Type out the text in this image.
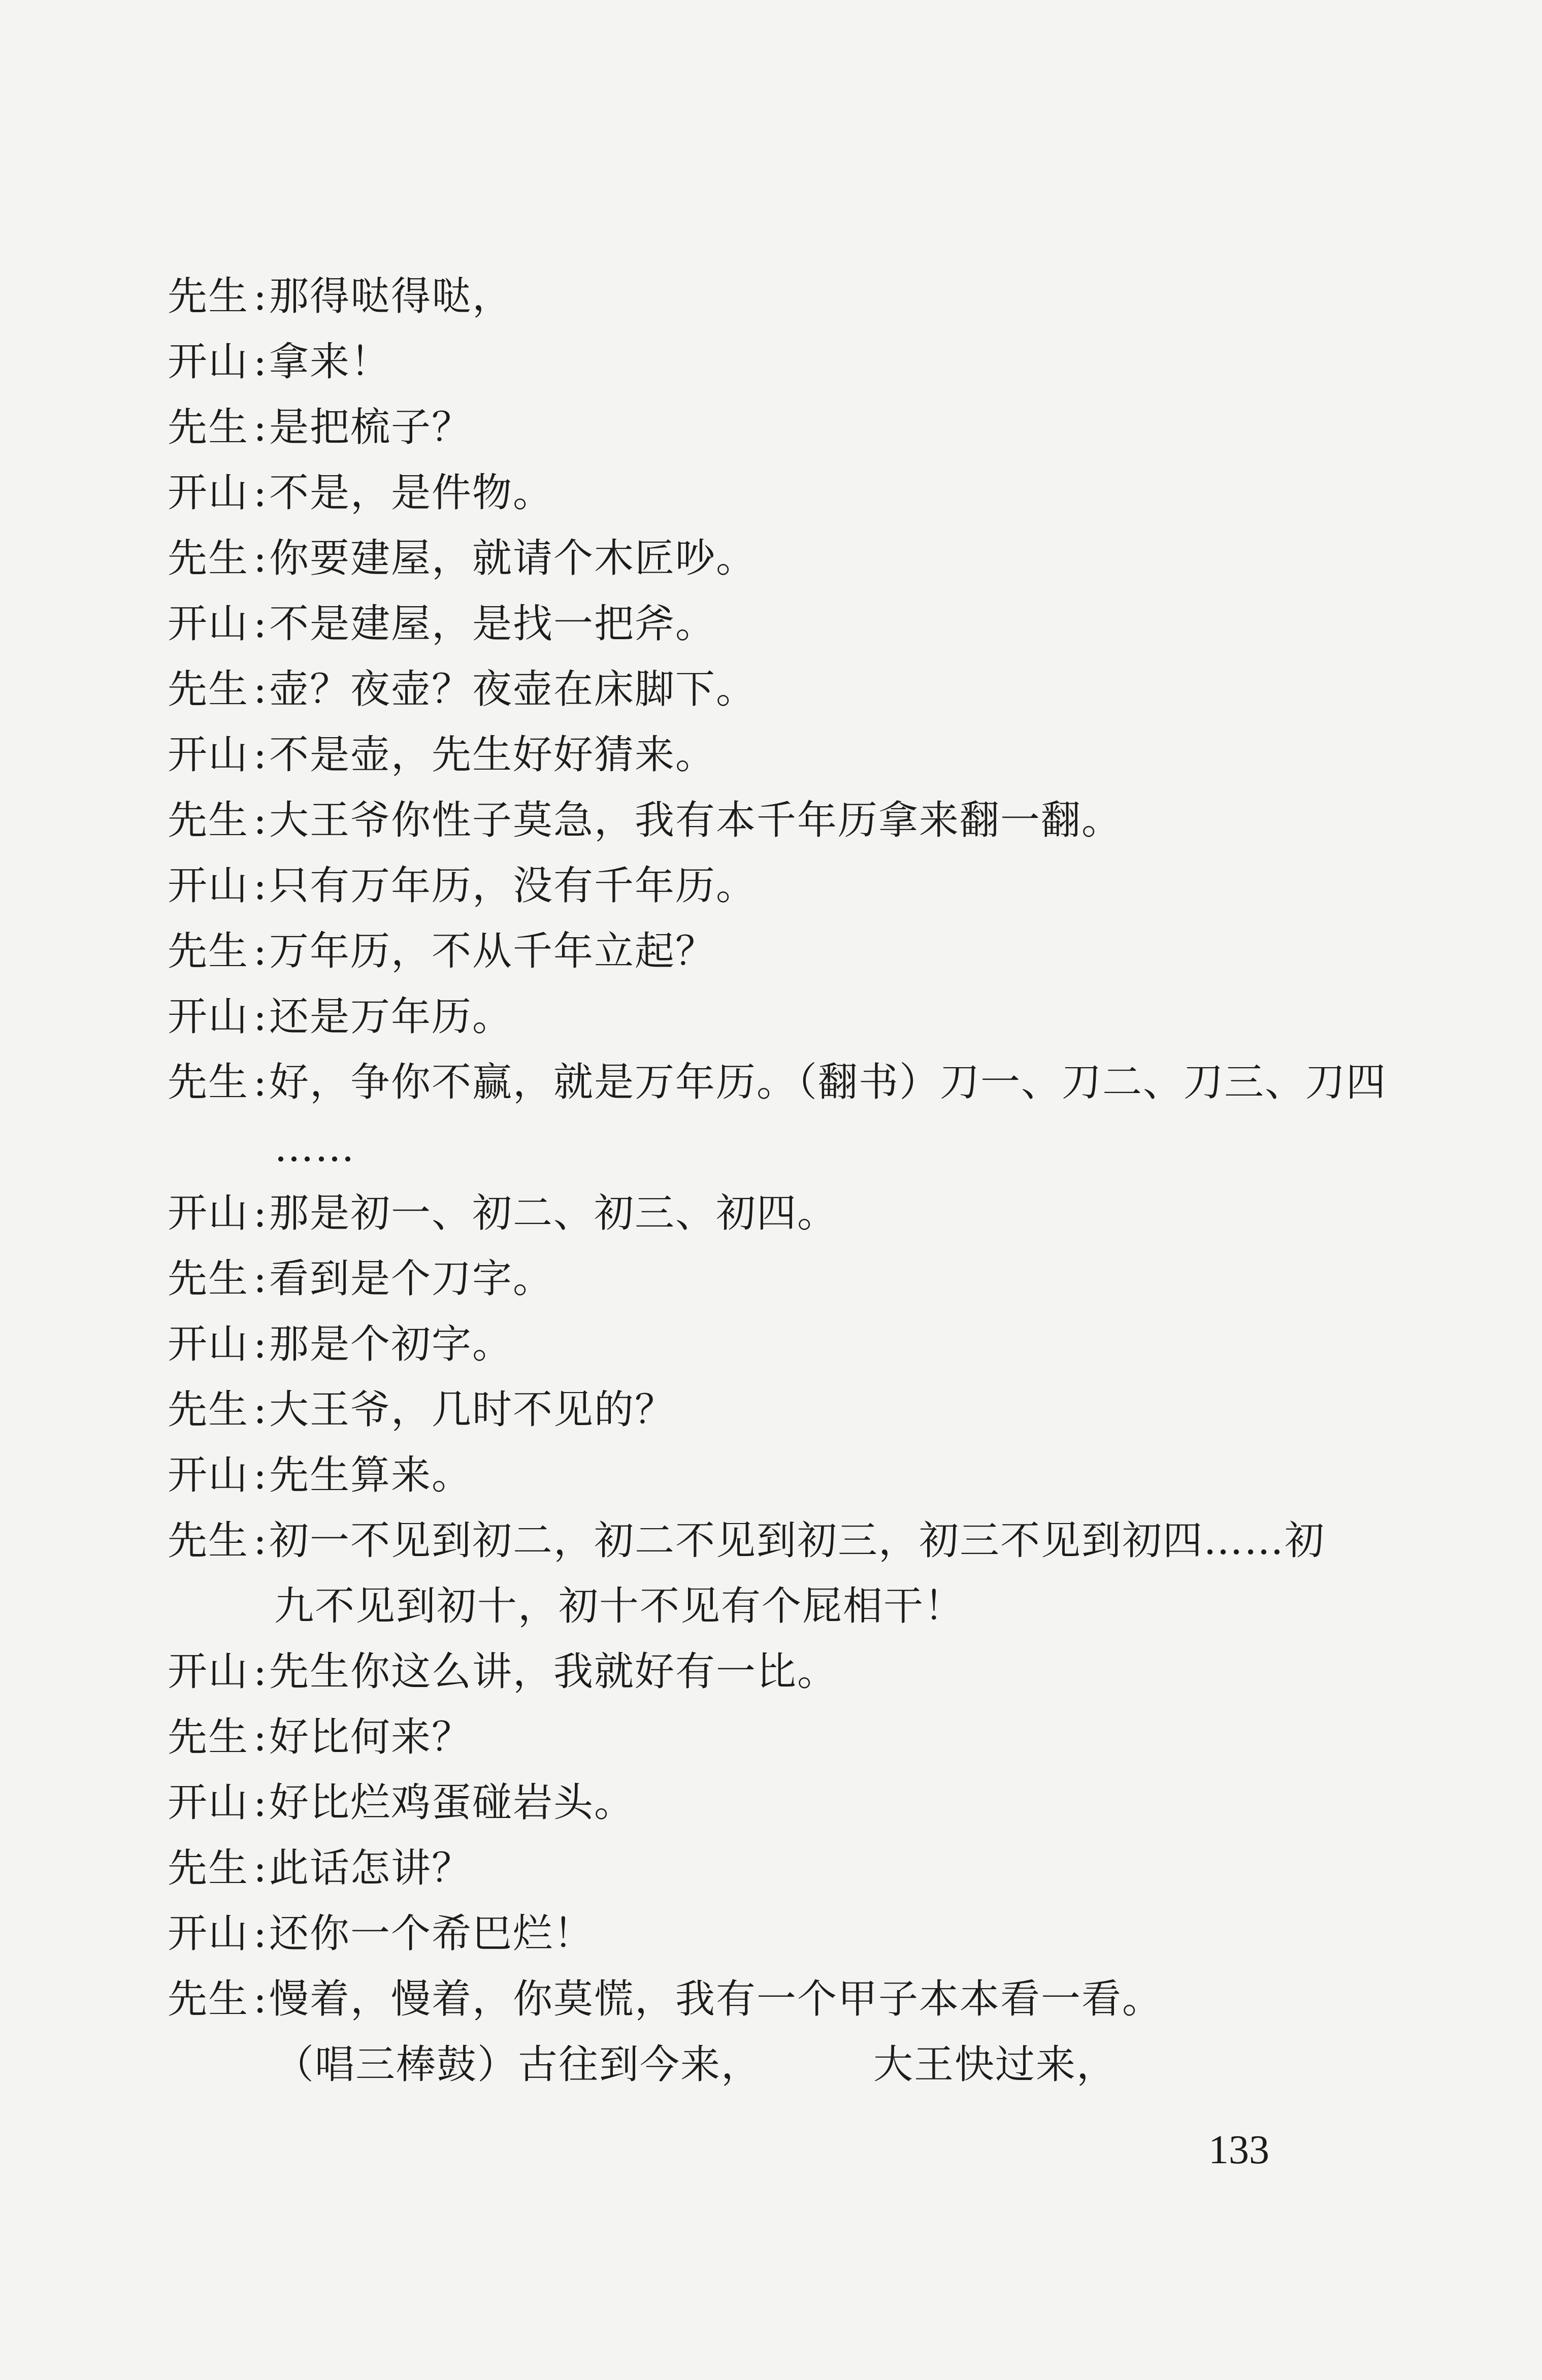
先生 : 那得哒得哒，
开山 : 拿来！
先生 : 是把梳子？
开山 : 不是，是件物。
先生 : 你要建屋，就请个木匠吵。
开山 : 不是建屋，是找一把斧。
先生 : 壶？夜壶？夜壶在床脚下。
开山 : 不是壶，先生好好猜来。
先生 : 大王爷你性子莫急，我有本千年历拿来翻一翻。
开山 : 只有万年历，没有千年历。
先生 : 万年历，不从千年立起？
开山 : 还是万年历。
先生 : 好，争你不赢，就是万年历。（翻书）刀一、刀二、刀三、刀四
……
开山 : 那是初一、初二、初三、初四。
先生 : 看到是个刀字。
开山 : 那是个初字。
先生 : 大王爷，几时不见的？
开山 : 先生算来。
先生 : 初一不见到初二，初二不见到初三，初三不见到初四……初
九不见到初十，初十不见有个屁相干！
开山 : 先生你这么讲，我就好有一比。
先生 : 好比何来？
开山 : 好比烂鸡蛋碰岩头。
先生 : 此话怎讲？
开山 : 还你一个希巴烂！
先生 : 慢着，慢着，你莫慌，我有一个甲子本本看一看。
（唱三棒鼓）古往到今来，	大王快过来，
133
